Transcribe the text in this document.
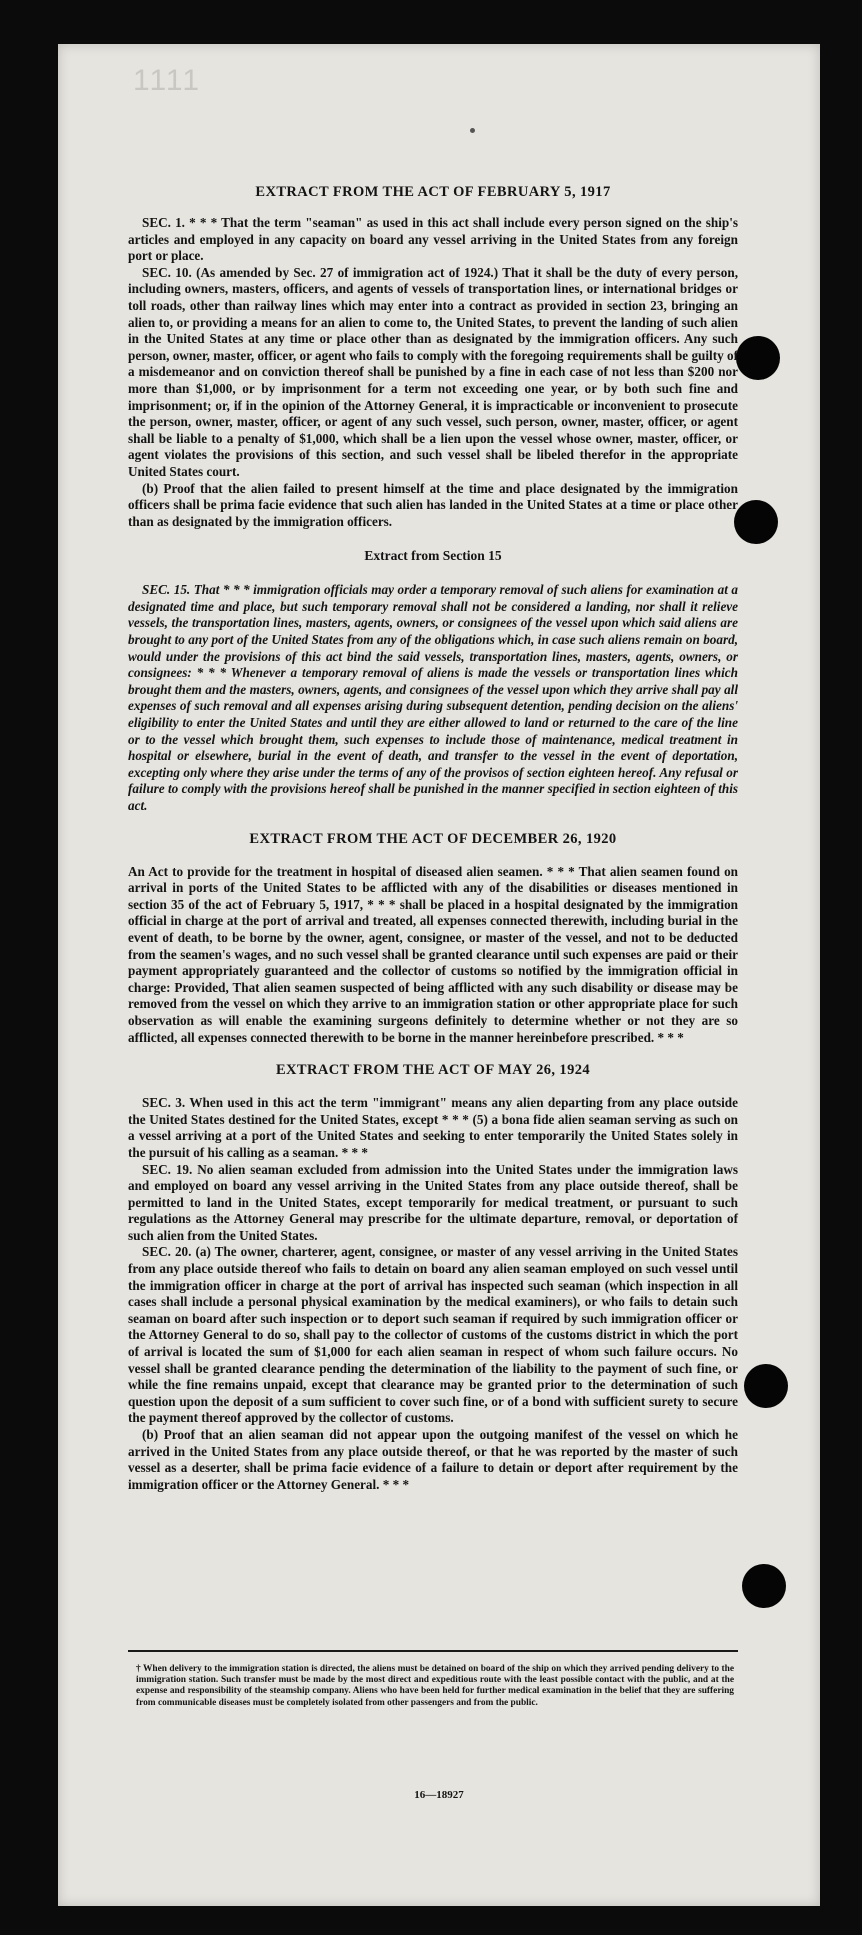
1111
EXTRACT FROM THE ACT OF FEBRUARY 5, 1917

SEC. 1. * * * That the term "seaman" as used in this act shall include every person signed on the ship's articles and employed in any capacity on board any vessel arriving in the United States from any foreign port or place.

SEC. 10. (As amended by Sec. 27 of immigration act of 1924.) That it shall be the duty of every person, including owners, masters, officers, and agents of vessels of transportation lines, or international bridges or toll roads, other than railway lines which may enter into a contract as provided in section 23, bringing an alien to, or providing a means for an alien to come to, the United States, to prevent the landing of such alien in the United States at any time or place other than as designated by the immigration officers. Any such person, owner, master, officer, or agent who fails to comply with the foregoing requirements shall be guilty of a misdemeanor and on conviction thereof shall be punished by a fine in each case of not less than $200 nor more than $1,000, or by imprisonment for a term not exceeding one year, or by both such fine and imprisonment; or, if in the opinion of the Attorney General, it is impracticable or inconvenient to prosecute the person, owner, master, officer, or agent of any such vessel, such person, owner, master, officer, or agent shall be liable to a penalty of $1,000, which shall be a lien upon the vessel whose owner, master, officer, or agent violates the provisions of this section, and such vessel shall be libeled therefor in the appropriate United States court.

(b) Proof that the alien failed to present himself at the time and place designated by the immigration officers shall be prima facie evidence that such alien has landed in the United States at a time or place other than as designated by the immigration officers.

Extract from Section 15

SEC. 15. That * * * immigration officials may order a temporary removal of such aliens for examination at a designated time and place, but such temporary removal shall not be considered a landing, nor shall it relieve vessels, the transportation lines, masters, agents, owners, or consignees of the vessel upon which said aliens are brought to any port of the United States from any of the obligations which, in case such aliens remain on board, would under the provisions of this act bind the said vessels, transportation lines, masters, agents, owners, or consignees: * * * Whenever a temporary removal of aliens is made the vessels or transportation lines which brought them and the masters, owners, agents, and consignees of the vessel upon which they arrive shall pay all expenses of such removal and all expenses arising during subsequent detention, pending decision on the aliens' eligibility to enter the United States and until they are either allowed to land or returned to the care of the line or to the vessel which brought them, such expenses to include those of maintenance, medical treatment in hospital or elsewhere, burial in the event of death, and transfer to the vessel in the event of deportation, excepting only where they arise under the terms of any of the provisos of section eighteen hereof. Any refusal or failure to comply with the provisions hereof shall be punished in the manner specified in section eighteen of this act.

EXTRACT FROM THE ACT OF DECEMBER 26, 1920

An Act to provide for the treatment in hospital of diseased alien seamen. * * * That alien seamen found on arrival in ports of the United States to be afflicted with any of the disabilities or diseases mentioned in section 35 of the act of February 5, 1917, * * * shall be placed in a hospital designated by the immigration official in charge at the port of arrival and treated, all expenses connected therewith, including burial in the event of death, to be borne by the owner, agent, consignee, or master of the vessel, and not to be deducted from the seamen's wages, and no such vessel shall be granted clearance until such expenses are paid or their payment appropriately guaranteed and the collector of customs so notified by the immigration official in charge: Provided, That alien seamen suspected of being afflicted with any such disability or disease may be removed from the vessel on which they arrive to an immigration station or other appropriate place for such observation as will enable the examining surgeons definitely to determine whether or not they are so afflicted, all expenses connected therewith to be borne in the manner hereinbefore prescribed. * * *

EXTRACT FROM THE ACT OF MAY 26, 1924

SEC. 3. When used in this act the term "immigrant" means any alien departing from any place outside the United States destined for the United States, except * * * (5) a bona fide alien seaman serving as such on a vessel arriving at a port of the United States and seeking to enter temporarily the United States solely in the pursuit of his calling as a seaman. * * *

SEC. 19. No alien seaman excluded from admission into the United States under the immigration laws and employed on board any vessel arriving in the United States from any place outside thereof, shall be permitted to land in the United States, except temporarily for medical treatment, or pursuant to such regulations as the Attorney General may prescribe for the ultimate departure, removal, or deportation of such alien from the United States.

SEC. 20. (a) The owner, charterer, agent, consignee, or master of any vessel arriving in the United States from any place outside thereof who fails to detain on board any alien seaman employed on such vessel until the immigration officer in charge at the port of arrival has inspected such seaman (which inspection in all cases shall include a personal physical examination by the medical examiners), or who fails to detain such seaman on board after such inspection or to deport such seaman if required by such immigration officer or the Attorney General to do so, shall pay to the collector of customs of the customs district in which the port of arrival is located the sum of $1,000 for each alien seaman in respect of whom such failure occurs. No vessel shall be granted clearance pending the determination of the liability to the payment of such fine, or while the fine remains unpaid, except that clearance may be granted prior to the determination of such question upon the deposit of a sum sufficient to cover such fine, or of a bond with sufficient surety to secure the payment thereof approved by the collector of customs.

(b) Proof that an alien seaman did not appear upon the outgoing manifest of the vessel on which he arrived in the United States from any place outside thereof, or that he was reported by the master of such vessel as a deserter, shall be prima facie evidence of a failure to detain or deport after requirement by the immigration officer or the Attorney General. * * *

† When delivery to the immigration station is directed, the aliens must be detained on board of the ship on which they arrived pending delivery to the immigration station. Such transfer must be made by the most direct and expeditious route with the least possible contact with the public, and at the expense and responsibility of the steamship company. Aliens who have been held for further medical examination in the belief that they are suffering from communicable diseases must be completely isolated from other passengers and from the public.
16—18927
